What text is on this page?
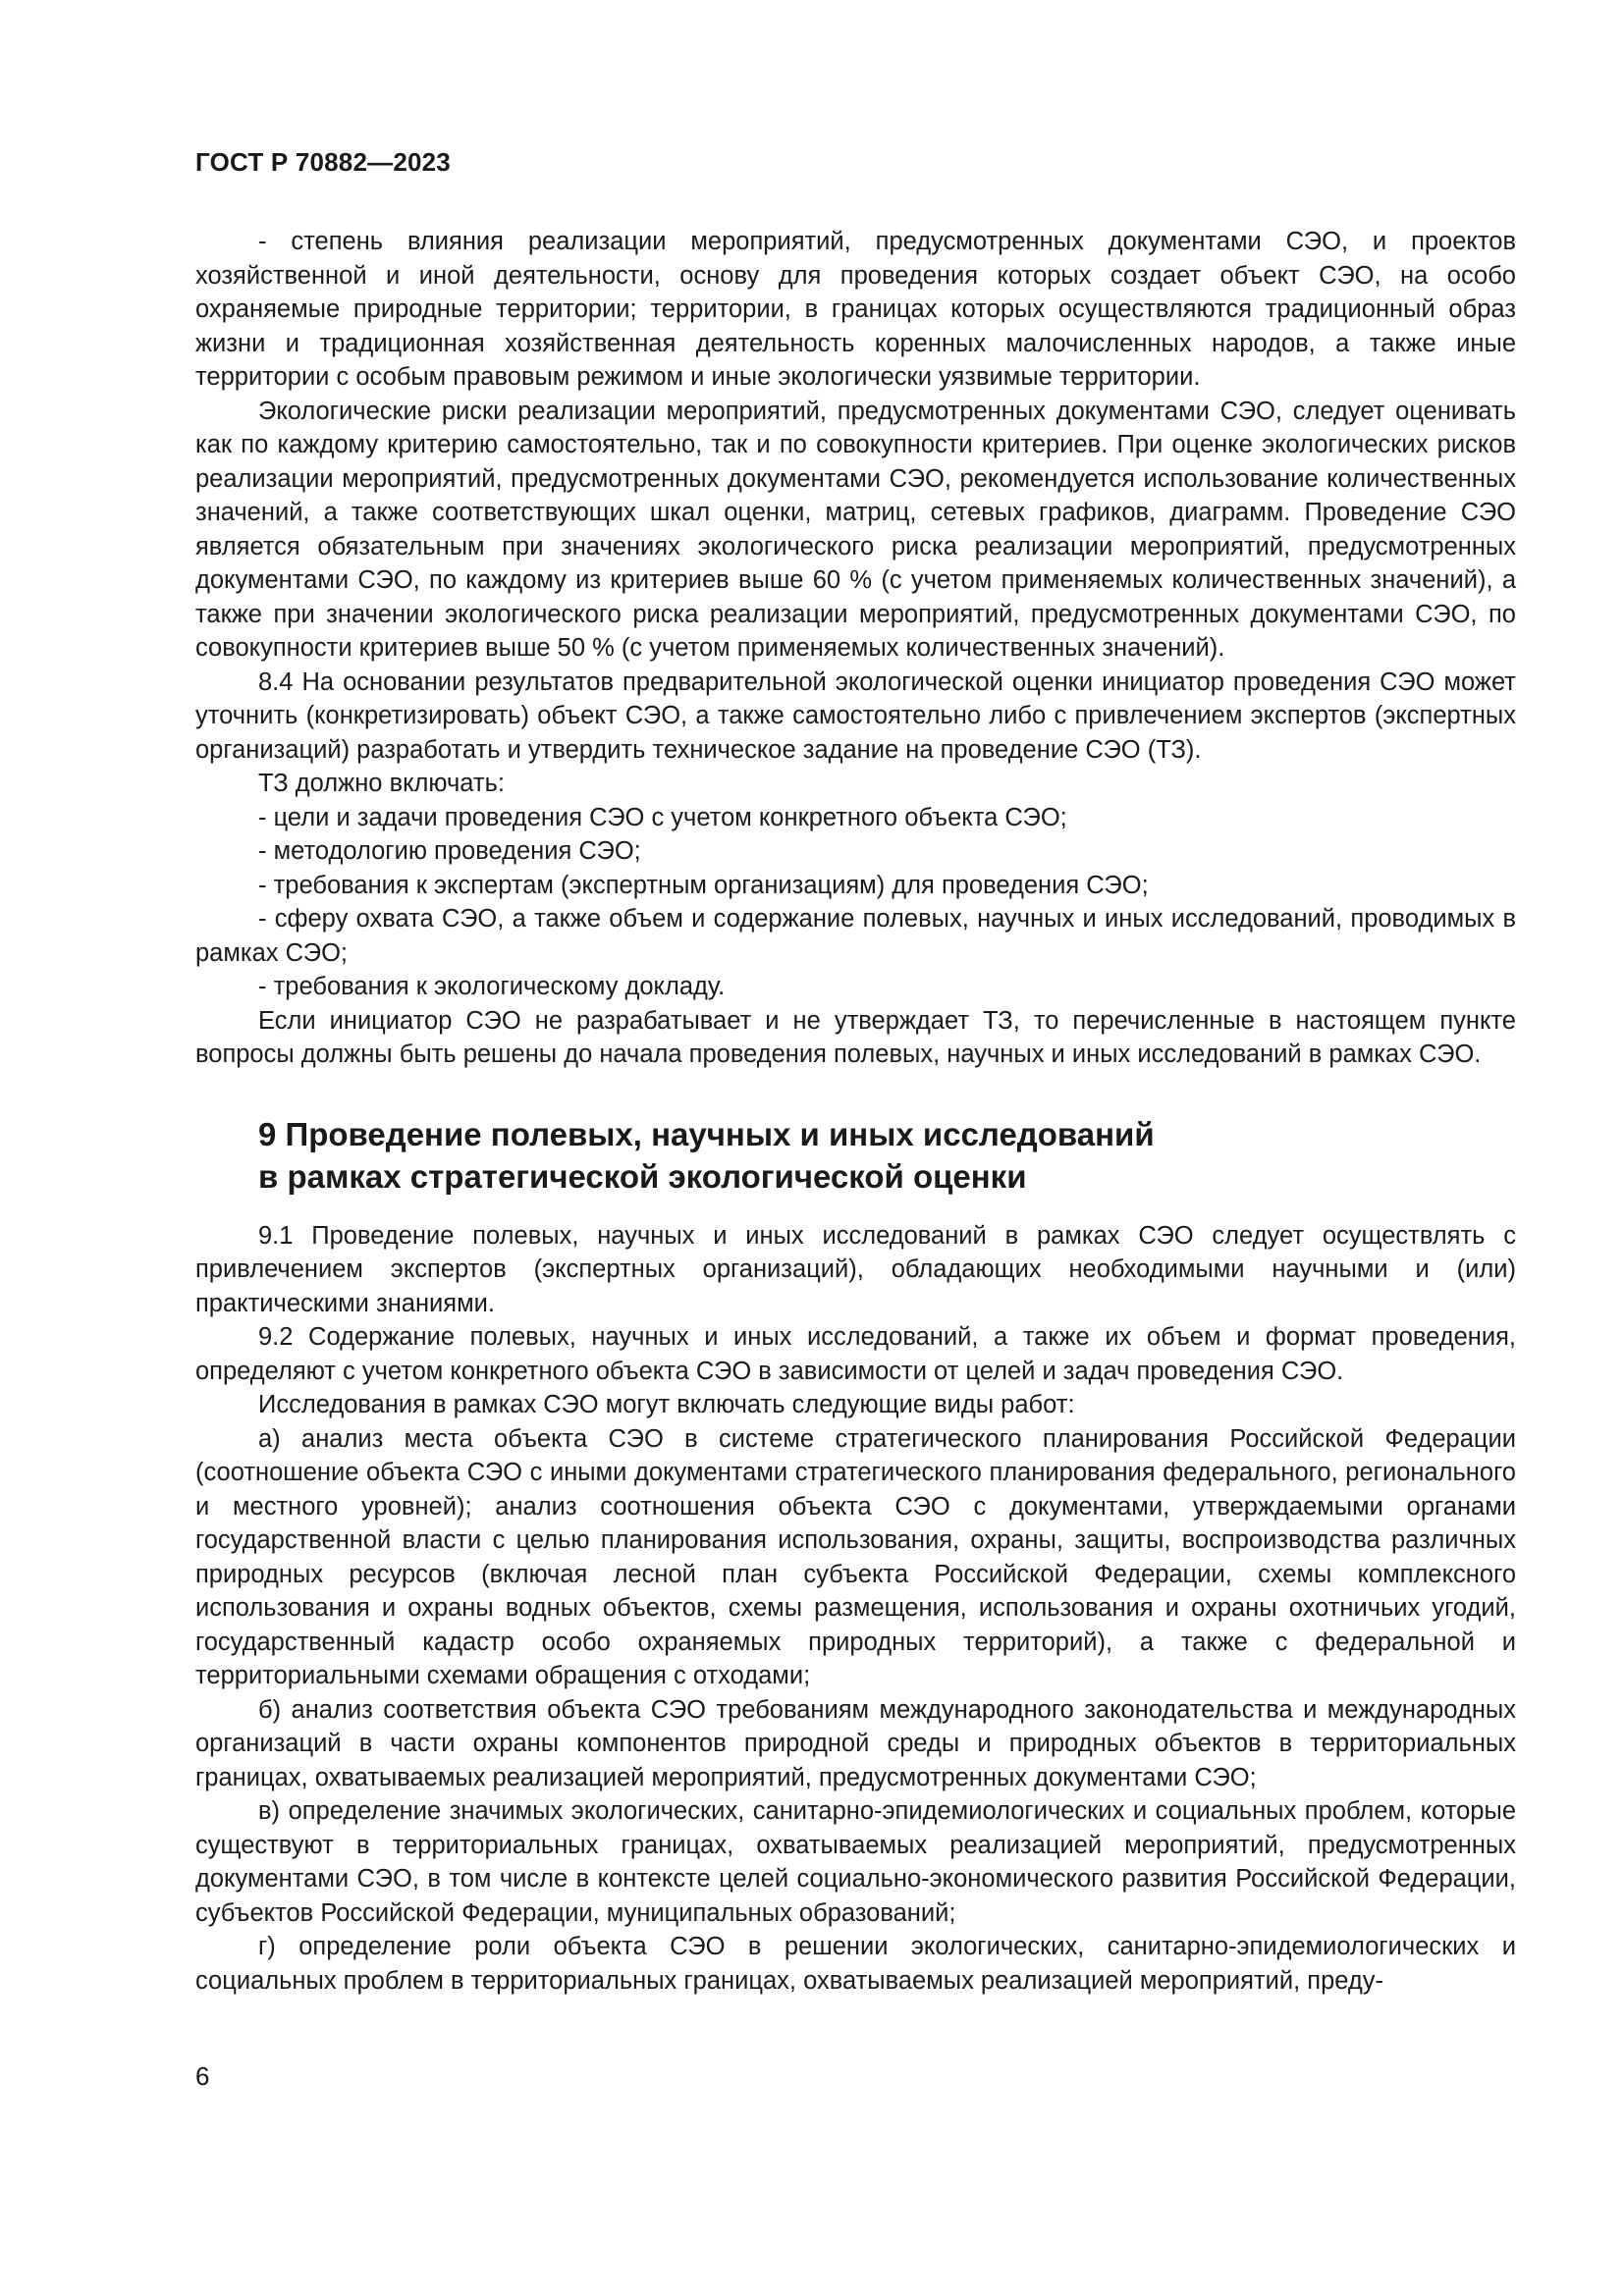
ГОСТ Р 70882—2023

- степень влияния реализации мероприятий, предусмотренных документами СЭО, и проектов хозяйственной и иной деятельности, основу для проведения которых создает объект СЭО, на особо охраняемые природные территории; территории, в границах которых осуществляются традиционный образ жизни и традиционная хозяйственная деятельность коренных малочисленных народов, а также иные территории с особым правовым режимом и иные экологически уязвимые территории.

Экологические риски реализации мероприятий, предусмотренных документами СЭО, следует оценивать как по каждому критерию самостоятельно, так и по совокупности критериев. При оценке экологических рисков реализации мероприятий, предусмотренных документами СЭО, рекомендуется использование количественных значений, а также соответствующих шкал оценки, матриц, сетевых графиков, диаграмм. Проведение СЭО является обязательным при значениях экологического риска реализации мероприятий, предусмотренных документами СЭО, по каждому из критериев выше 60 % (с учетом применяемых количественных значений), а также при значении экологического риска реализации мероприятий, предусмотренных документами СЭО, по совокупности критериев выше 50 % (с учетом применяемых количественных значений).

8.4 На основании результатов предварительной экологической оценки инициатор проведения СЭО может уточнить (конкретизировать) объект СЭО, а также самостоятельно либо с привлечением экспертов (экспертных организаций) разработать и утвердить техническое задание на проведение СЭО (ТЗ).

ТЗ должно включать:

- цели и задачи проведения СЭО с учетом конкретного объекта СЭО;

- методологию проведения СЭО;

- требования к экспертам (экспертным организациям) для проведения СЭО;

- сферу охвата СЭО, а также объем и содержание полевых, научных и иных исследований, проводимых в рамках СЭО;

- требования к экологическому докладу.

Если инициатор СЭО не разрабатывает и не утверждает ТЗ, то перечисленные в настоящем пункте вопросы должны быть решены до начала проведения полевых, научных и иных исследований в рамках СЭО.

9 Проведение полевых, научных и иных исследований
в рамках стратегической экологической оценки

9.1 Проведение полевых, научных и иных исследований в рамках СЭО следует осуществлять с привлечением экспертов (экспертных организаций), обладающих необходимыми научными и (или) практическими знаниями.

9.2 Содержание полевых, научных и иных исследований, а также их объем и формат проведения, определяют с учетом конкретного объекта СЭО в зависимости от целей и задач проведения СЭО.

Исследования в рамках СЭО могут включать следующие виды работ:

а) анализ места объекта СЭО в системе стратегического планирования Российской Федерации (соотношение объекта СЭО с иными документами стратегического планирования федерального, регионального и местного уровней); анализ соотношения объекта СЭО с документами, утверждаемыми органами государственной власти с целью планирования использования, охраны, защиты, воспроизводства различных природных ресурсов (включая лесной план субъекта Российской Федерации, схемы комплексного использования и охраны водных объектов, схемы размещения, использования и охраны охотничьих угодий, государственный кадастр особо охраняемых природных территорий), а также с федеральной и территориальными схемами обращения с отходами;

б) анализ соответствия объекта СЭО требованиям международного законодательства и международных организаций в части охраны компонентов природной среды и природных объектов в территориальных границах, охватываемых реализацией мероприятий, предусмотренных документами СЭО;

в) определение значимых экологических, санитарно-эпидемиологических и социальных проблем, которые существуют в территориальных границах, охватываемых реализацией мероприятий, предусмотренных документами СЭО, в том числе в контексте целей социально-экономического развития Российской Федерации, субъектов Российской Федерации, муниципальных образований;

г) определение роли объекта СЭО в решении экологических, санитарно-эпидемиологических и социальных проблем в территориальных границах, охватываемых реализацией мероприятий, преду-

6
